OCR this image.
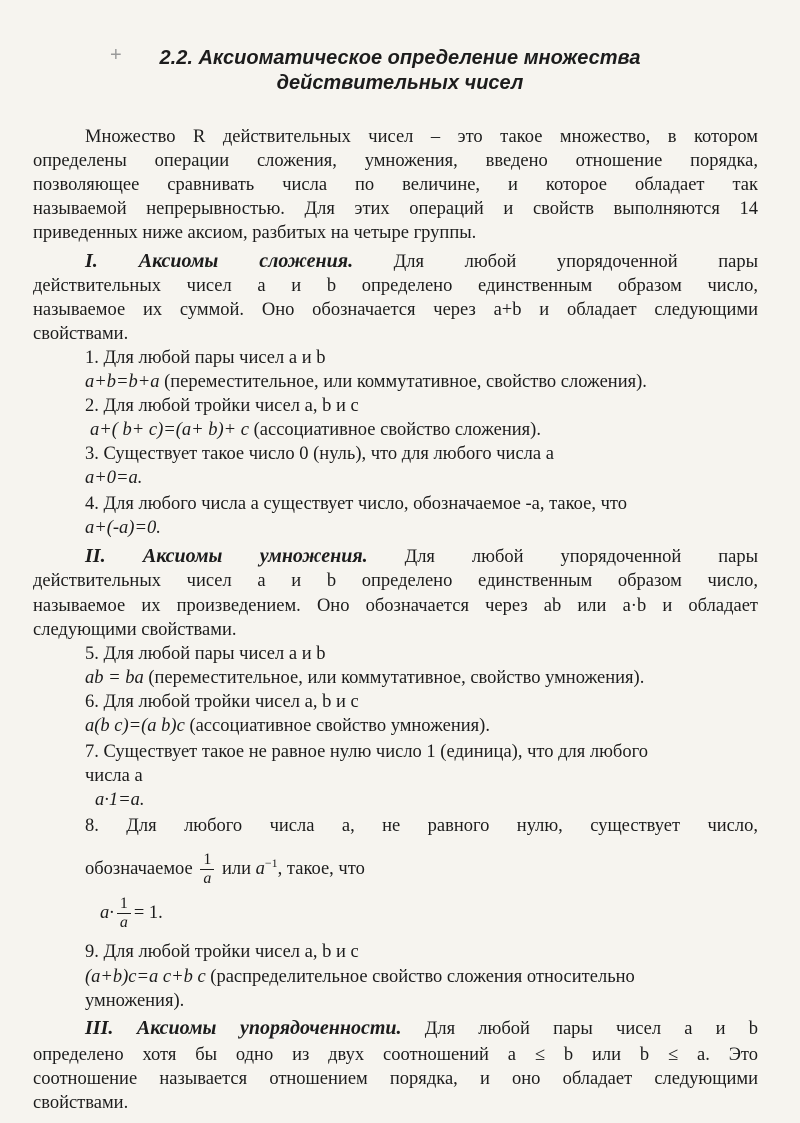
+	2.2. Аксиоматическое определение множества
действительных чисел
Множество R действительных чисел – это такое множество, в котором
определены операции сложения, умножения, введено отношение порядка,
позволяющее сравнивать числа по величине, и которое обладает так
называемой непрерывностью. Для этих операций и свойств выполняются 14
приведенных ниже аксиом, разбитых на четыре группы.
I. Аксиомы сложения. Для любой упорядоченной пары
действительных чисел a и b определено единственным образом число,
называемое их суммой. Оно обозначается через a+b и обладает следующими
свойствами.
1. Для любой пары чисел a и b
a+b=b+a (переместительное, или коммутативное, свойство сложения).
2. Для любой тройки чисел a, b и c
a+( b+ c)=(a+ b)+ c (ассоциативное свойство сложения).
3. Существует такое число 0 (нуль), что для любого числа a
a+0=a.
4. Для любого числа a существует число, обозначаемое -a, такое, что
a+(-a)=0.
II. Аксиомы умножения. Для любой упорядоченной пары
действительных чисел a и b определено единственным образом число,
называемое их произведением. Оно обозначается через ab или a·b и обладает
следующими свойствами.
5. Для любой пары чисел a и b
ab = ba (переместительное, или коммутативное, свойство умножения).
6. Для любой тройки чисел a, b и c
a(b c)=(a b)c (ассоциативное свойство умножения).
7. Существует такое не равное нулю число 1 (единица), что для любого
числа a
a·1=a.
8. Для любого числа a, не равного нулю, существует число,
обозначаемое $\frac{1}{a}$ или $a^{-1}$, такое, что
$a\cdot \frac{1}{a} = 1$.
9. Для любой тройки чисел a, b и c
(a+b)c=a c+b c (распределительное свойство сложения относительно
умножения).
III. Аксиомы упорядоченности. Для любой пары чисел a и b
определено хотя бы одно из двух соотношений a ≤ b или b ≤ a. Это
соотношение называется отношением порядка, и оно обладает следующими
свойствами.
